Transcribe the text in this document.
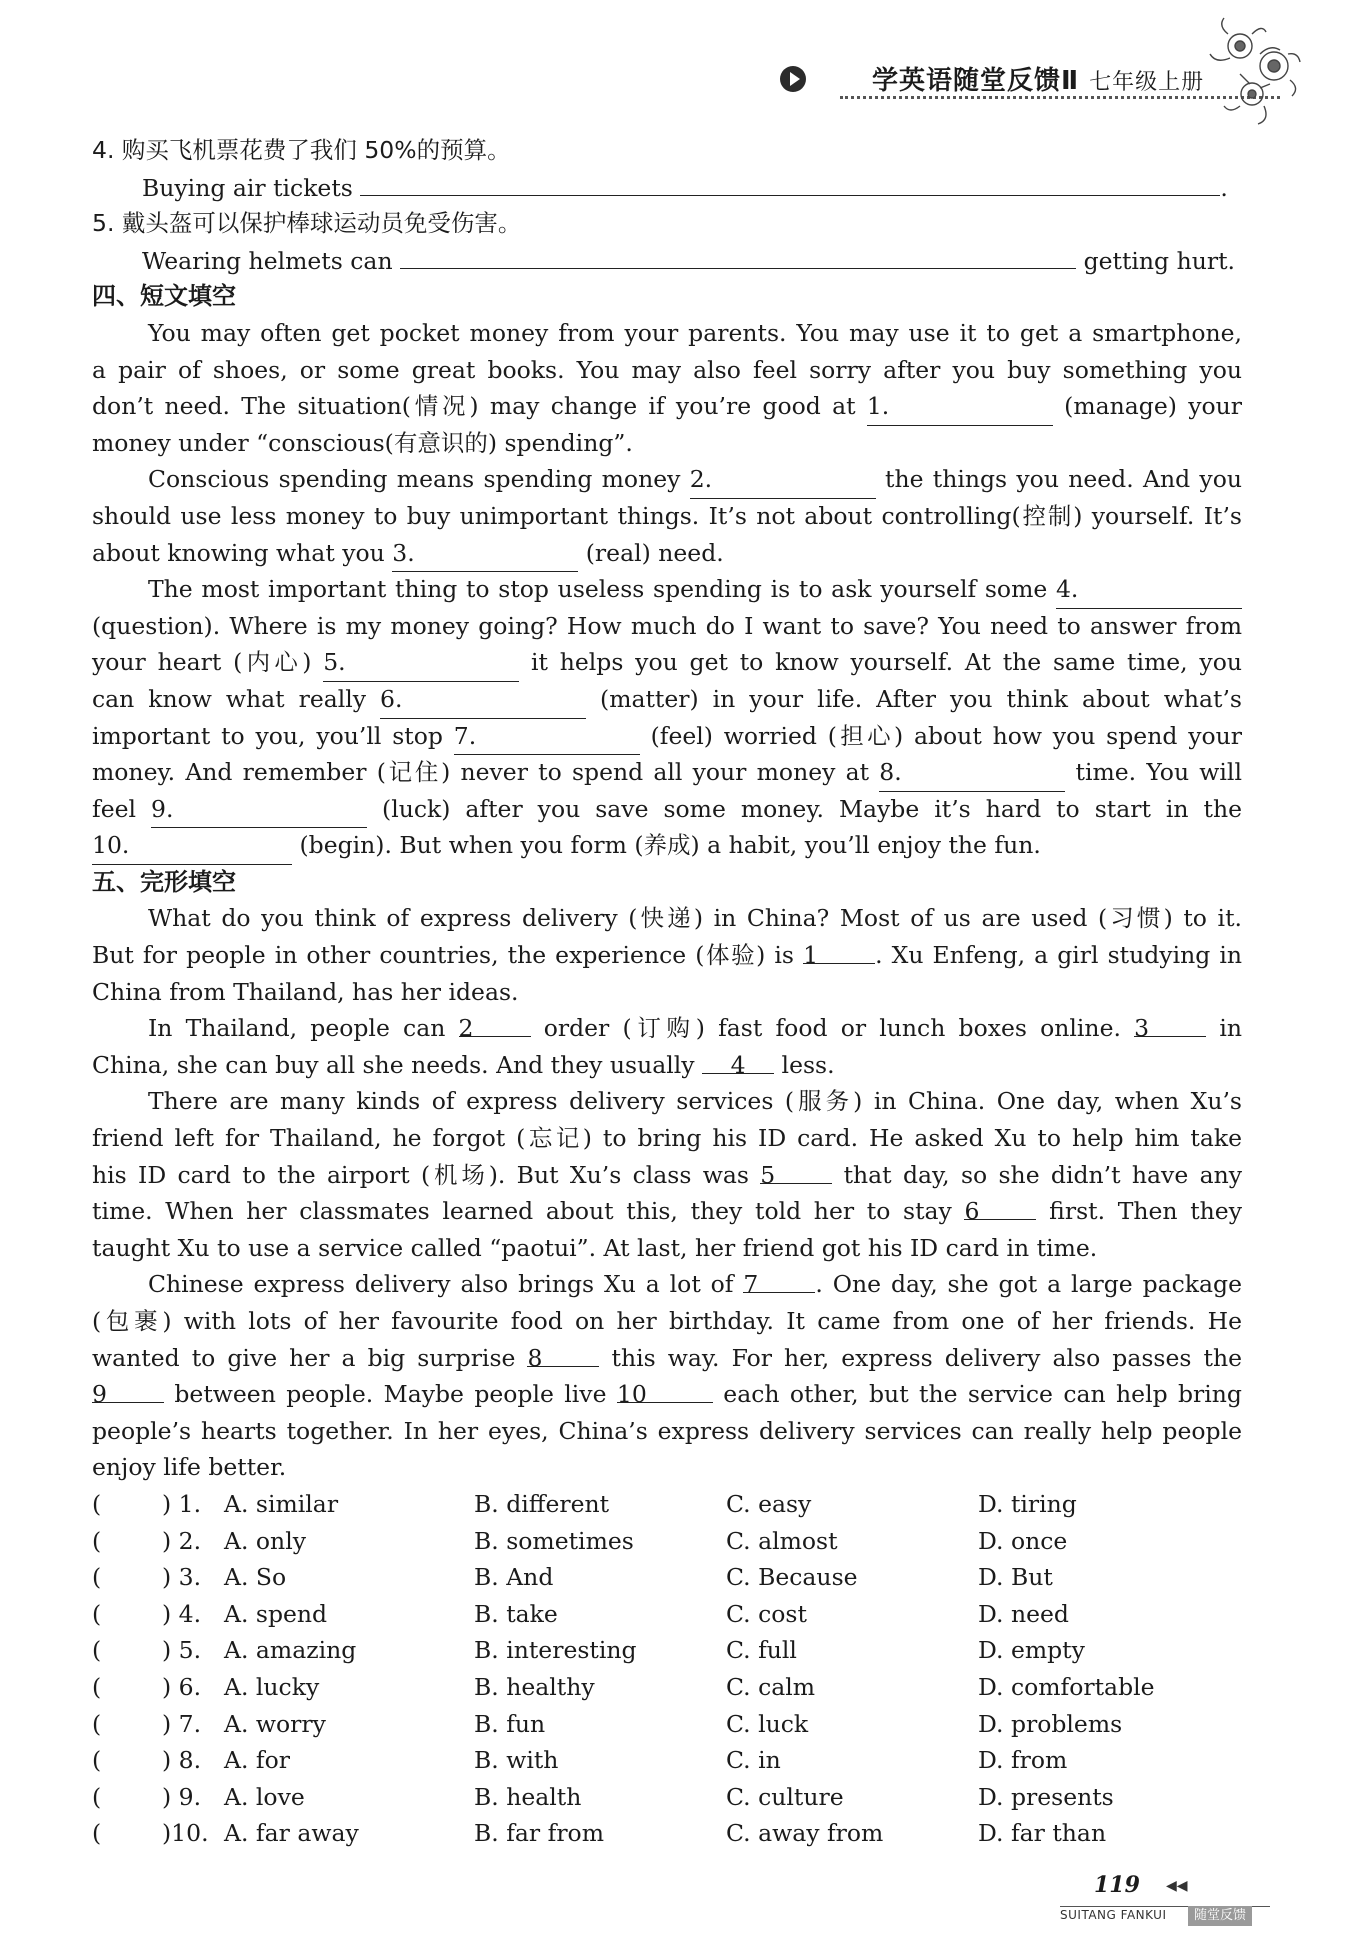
学英语随堂反馈Ⅱ 七年级上册
4. 购买飞机票花费了我们 50%的预算。
Buying air tickets	.
5. 戴头盔可以保护棒球运动员免受伤害。
Wearing helmets can	getting hurt.
四、短文填空
You may often get pocket money from your parents. You may use it to get a smartphone,
a pair of shoes, or some great books. You may also feel sorry after you buy something you
don’t need. The situation(情况) may change if you’re good at 1.	(manage) your
money under “conscious(有意识的) spending”.
Conscious spending means spending money 2.	the things you need. And you
should use less money to buy unimportant things. It’s not about controlling(控制) yourself. It’s
about knowing what you 3.	(real) need.
The most important thing to stop useless spending is to ask yourself some 4.
(question). Where is my money going? How much do I want to save? You need to answer from
your heart (内心) 5.	it helps you get to know yourself. At the same time, you
can know what really 6.	(matter) in your life. After you think about what’s
important to you, you’ll stop 7.	(feel) worried (担心) about how you spend your
money. And remember (记住) never to spend all your money at 8.	time. You will
feel 9.	(luck) after you save some money. Maybe it’s hard to start in the
10.	(begin). But when you form (养成) a habit, you’ll enjoy the fun.
五、完形填空
What do you think of express delivery (快递) in China? Most of us are used (习惯) to it.
But for people in other countries, the experience (体验) is 1 . Xu Enfeng, a girl studying in
China from Thailand, has her ideas.
In Thailand, people can 2	order (订购) fast food or lunch boxes online. 3	in
China, she can buy all she needs. And they usually 4 less.
There are many kinds of express delivery services (服务) in China. One day, when Xu’s
friend left for Thailand, he forgot (忘记) to bring his ID card. He asked Xu to help him take
his ID card to the airport (机场). But Xu’s class was 5	that day, so she didn’t have any
time. When her classmates learned about this, they told her to stay 6	first. Then they
taught Xu to use a service called “paotui”. At last, her friend got his ID card in time.
Chinese express delivery also brings Xu a lot of 7 . One day, she got a large package
(包裹) with lots of her favourite food on her birthday. It came from one of her friends. He
wanted to give her a big surprise 8	this way. For her, express delivery also passes the
9	between people. Maybe people live 10	each other, but the service can help bring
people’s hearts together. In her eyes, China’s express delivery services can really help people
enjoy life better.
(	) 1. A. similar	B. different	C. easy	D. tiring
(	) 2. A. only	B. sometimes	C. almost	D. once
(	) 3. A. So	B. And	C. Because	D. But
(	) 4. A. spend	B. take	C. cost	D. need
(	) 5. A. amazing	B. interesting	C. full	D. empty
(	) 6. A. lucky	B. healthy	C. calm	D. comfortable
(	) 7. A. worry	B. fun	C. luck	D. problems
(	) 8. A. for	B. with	C. in	D. from
(	) 9. A. love	B. health	C. culture	D. presents
(	)10. A. far away	B. far from	C. away from	D. far than
119 ◀◀
SUITANG FANKUI	随堂反馈
